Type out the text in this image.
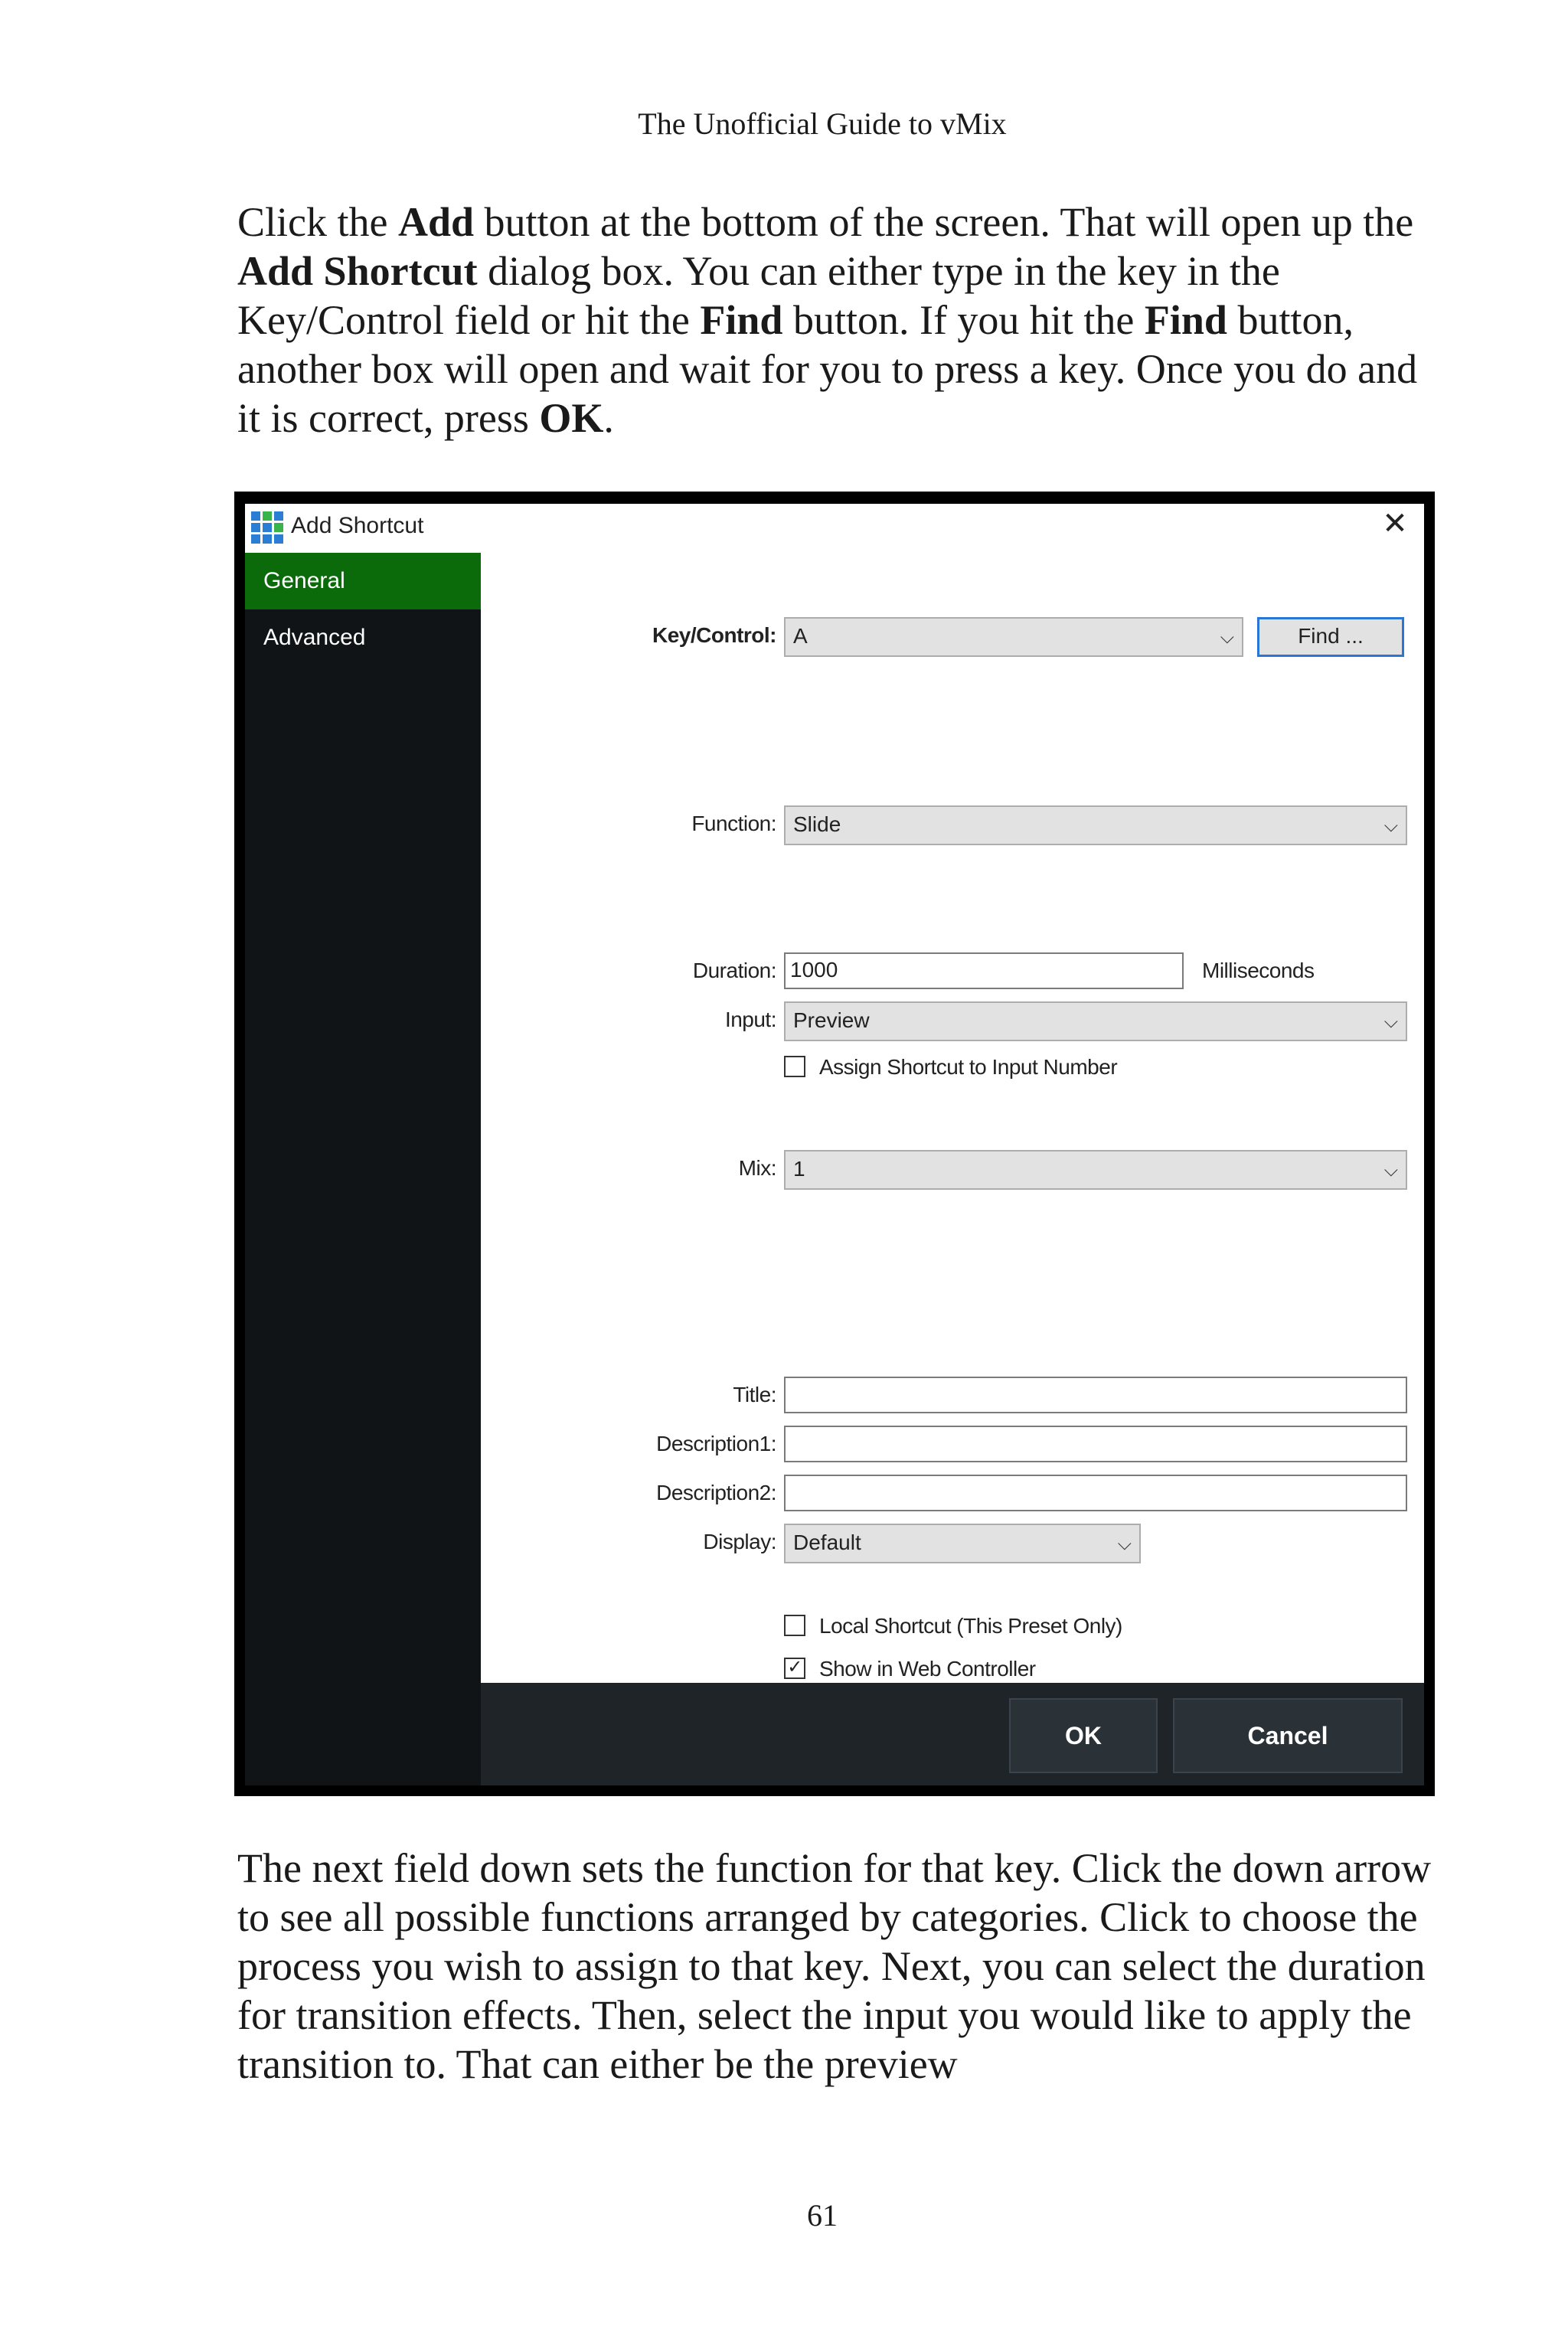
The Unofficial Guide to vMix
Click the Add button at the bottom of the screen. That will open up the Add Shortcut dialog box. You can either type in the key in the Key/Control field or hit the Find button. If you hit the Find button, another box will open and wait for you to press a key. Once you do and it is correct, press OK.
Add Shortcut	✕
General
Advanced	Key/Control: A	⌵	Find ...
Function: Slide	⌵
Duration: 1000	Milliseconds
Input: Preview	⌵
Assign Shortcut to Input Number
Mix: 1	⌵
Title:
Description1:
Description2:
Display: Default	⌵
Local Shortcut (This Preset Only)
✓ Show in Web Controller
OK	Cancel
The next field down sets the function for that key. Click the down arrow to see all possible functions arranged by categories. Click to choose the process you wish to assign to that key. Next, you can select the duration for transition effects. Then, select the input you would like to apply the transition to. That can either be the preview
61
